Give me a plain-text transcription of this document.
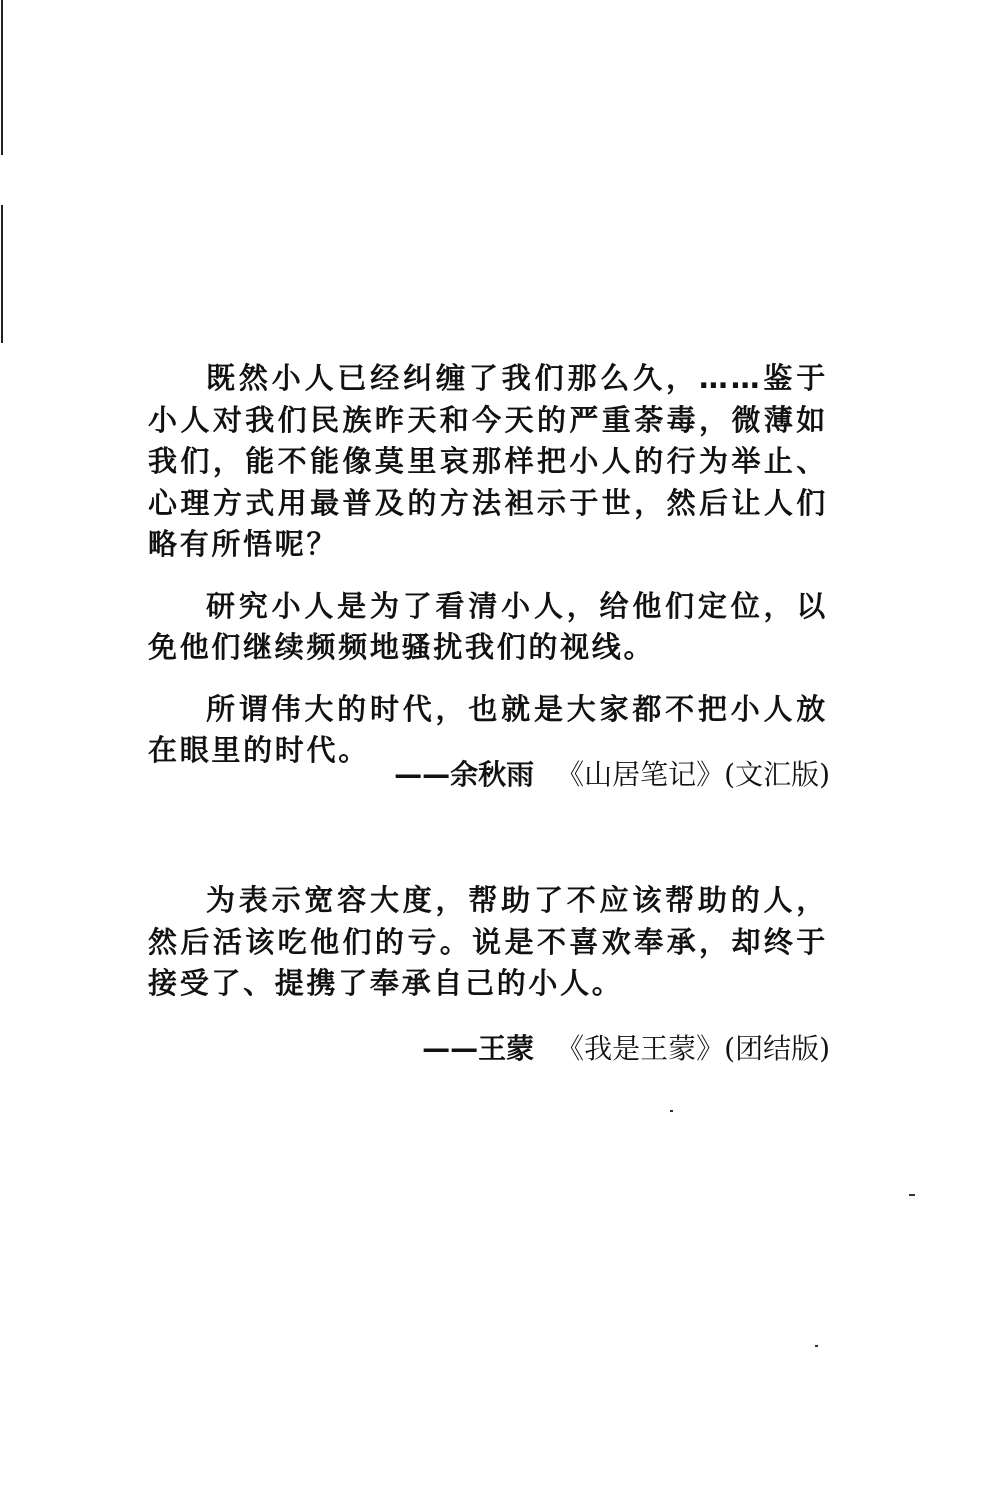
既然小人已经纠缠了我们那么久，……鉴于小人对我们民族昨天和今天的严重荼毒，微薄如我们，能不能像莫里哀那样把小人的行为举止、心理方式用最普及的方法袒示于世，然后让人们略有所悟呢？

研究小人是为了看清小人，给他们定位，以免他们继续频频地骚扰我们的视线。

所谓伟大的时代，也就是大家都不把小人放在眼里的时代。

——余秋雨 《山居笔记》(文汇版)

为表示宽容大度，帮助了不应该帮助的人，然后活该吃他们的亏。说是不喜欢奉承，却终于接受了、提携了奉承自己的小人。

——王蒙 《我是王蒙》(团结版)
